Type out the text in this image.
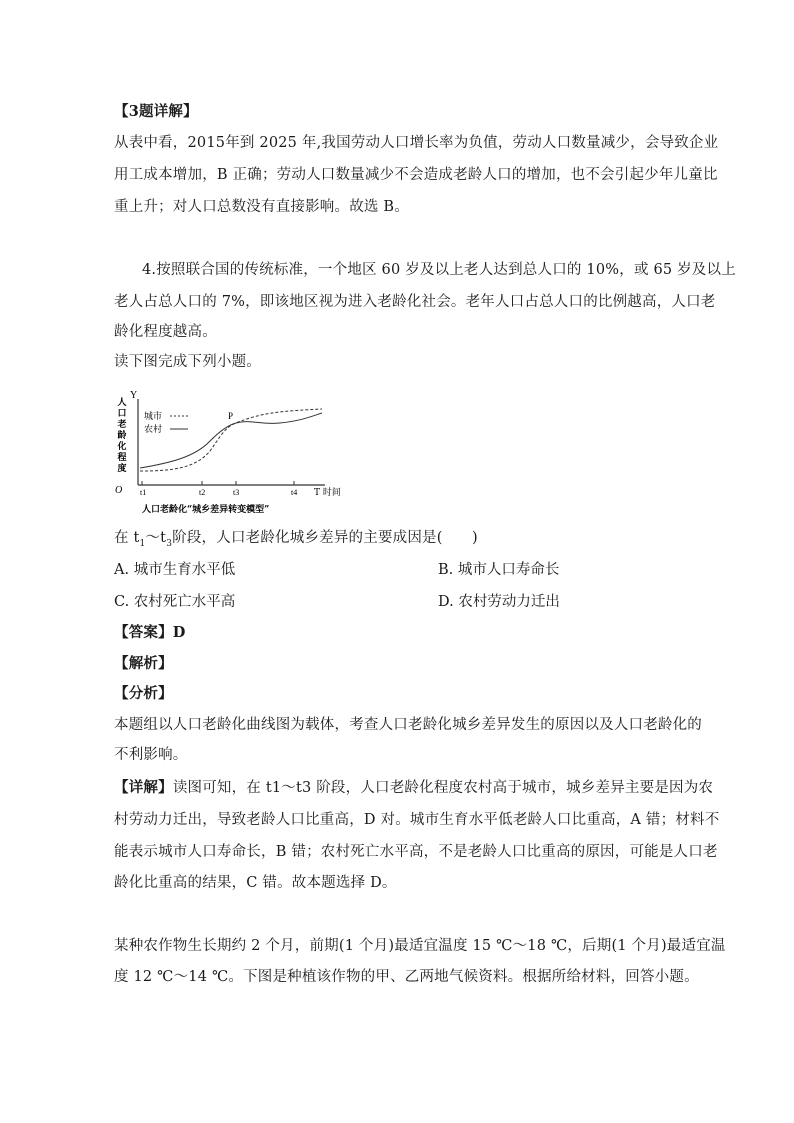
【3题详解】
从表中看，2015年到 2025 年,我国劳动人口增长率为负值，劳动人口数量减少，会导致企业
用工成本增加，B 正确；劳动人口数量减少不会造成老龄人口的增加，也不会引起少年儿童比
重上升；对人口总数没有直接影响。故选 B。
4.按照联合国的传统标准，一个地区 60 岁及以上老人达到总人口的 10%，或 65 岁及以上
老人占总人口的 7%，即该地区视为进入老龄化社会。老年人口占总人口的比例越高，人口老
龄化程度越高。
读下图完成下列小题。
Y
O
人口老龄化程度
t1	t2	t3	t4 T 时间
城市
农村
P
人口老龄化“城乡差异转变模型”
在 $t_1\sim t_3$阶段，人口老龄化城乡差异的主要成因是(　　)
A. 城市生育水平低	B. 城市人口寿命长
C. 农村死亡水平高	D. 农村劳动力迁出
【答案】D
【解析】
【分析】
本题组以人口老龄化曲线图为载体，考查人口老龄化城乡差异发生的原因以及人口老龄化的
不利影响。
【详解】读图可知，在 t1～t3 阶段，人口老龄化程度农村高于城市，城乡差异主要是因为农
村劳动力迁出，导致老龄人口比重高，D 对。城市生育水平低老龄人口比重高，A 错；材料不
能表示城市人口寿命长，B 错；农村死亡水平高，不是老龄人口比重高的原因，可能是人口老
龄化比重高的结果，C 错。故本题选择 D。
某种农作物生长期约 2 个月，前期(1 个月)最适宜温度 15 ℃～18 ℃，后期(1 个月)最适宜温
度 12 ℃～14 ℃。下图是种植该作物的甲、乙两地气候资料。根据所给材料，回答小题。
